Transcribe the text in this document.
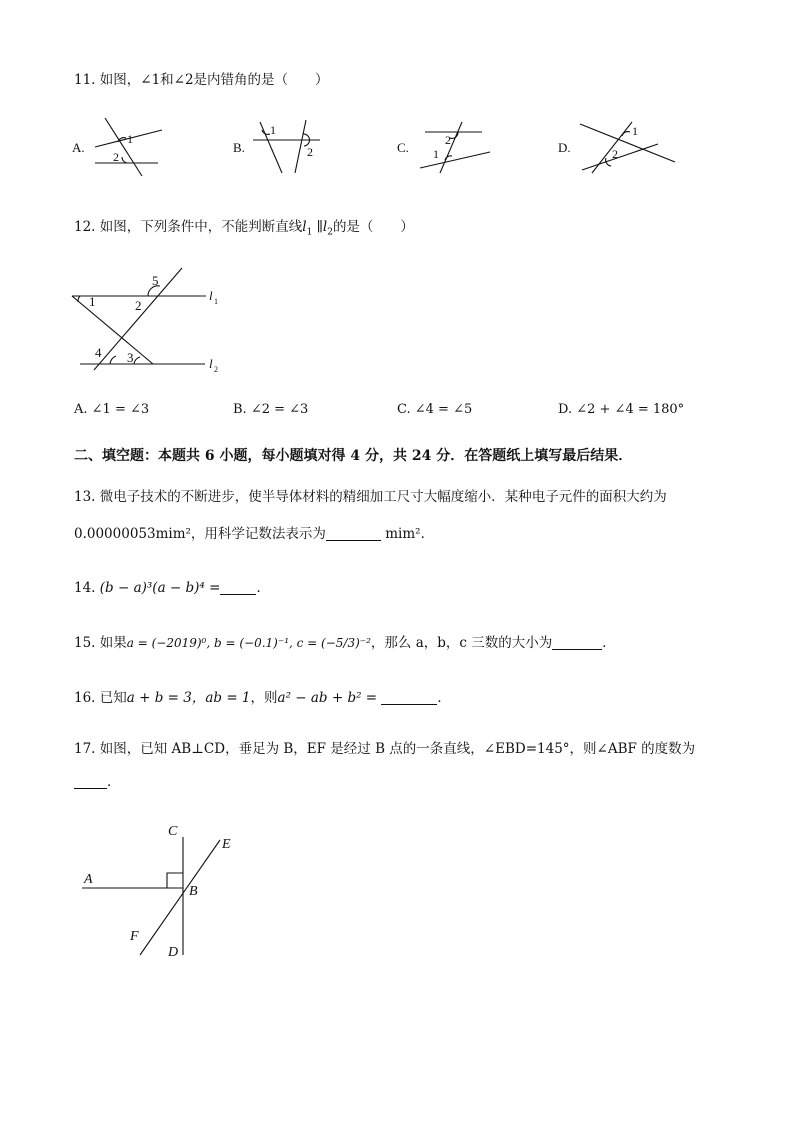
11. 如图，∠1和∠2是内错角的是（　　）
A.
1
2
B.
1
2	C.	2
1	D.
1
2
12. 如图，下列条件中，不能判断直线$l_1$ $\parallel l_2$的是（　　）
1	2
5
3
4
l 1
l 2
A. ∠1 = ∠3	B. ∠2 = ∠3	C. ∠4 = ∠5	D. ∠2 + ∠4 = 180°
二、填空题：本题共 6 小题，每小题填对得 4 分，共 24 分．在答题纸上填写最后结果．
13. 微电子技术的不断进步，使半导体材料的精细加工尺寸大幅度缩小．某种电子元件的面积大约为
0.00000053mim²，用科学记数法表示为	mim²．
14. (b − a)³(a − b)⁴ =	．
15. 如果a = (−2019)⁰, b = (−0.1)⁻¹, c = (−5/3)⁻²，那么 a，b，c 三数的大小为	．
16. 已知a + b = 3，ab = 1，则a² − ab + b² =	．
17. 如图，已知 AB⊥CD，垂足为 B，EF 是经过 B 点的一条直线，∠EBD=145°，则∠ABF 的度数为
．
C
E
A
B
F
D
